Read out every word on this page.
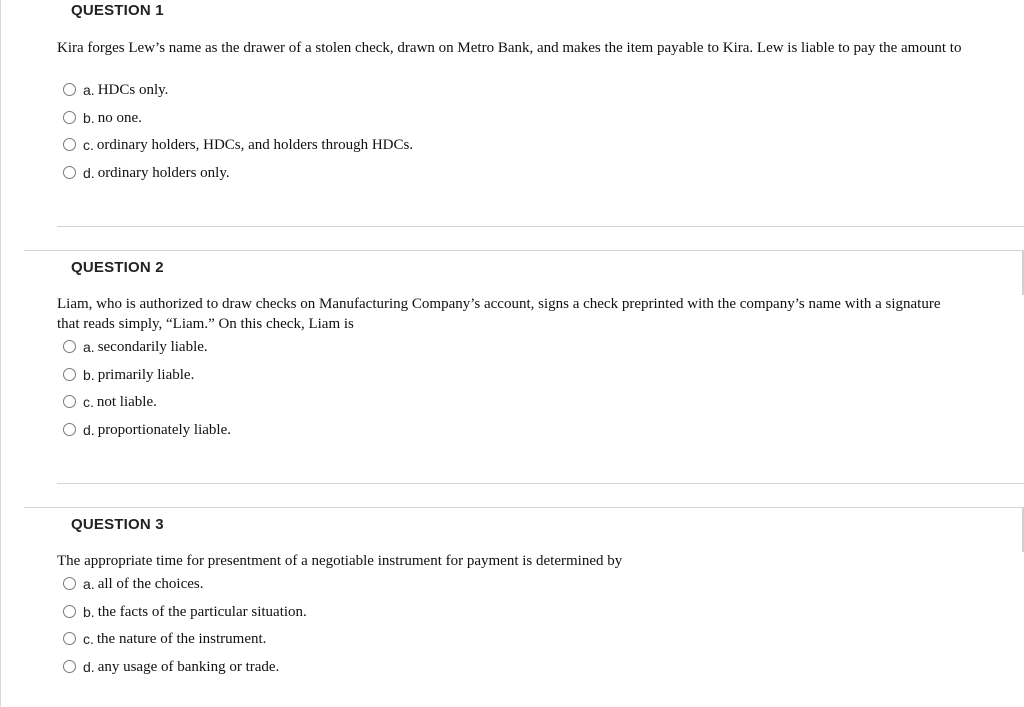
QUESTION 1
Kira forges Lew’s name as the drawer of a stolen check, drawn on Metro Bank, and makes the item payable to Kira. Lew is liable to pay the amount to
a. HDCs only.
b. no one.
c. ordinary holders, HDCs, and holders through HDCs.
d. ordinary holders only.
QUESTION 2
Liam, who is authorized to draw checks on Manufacturing Company’s account, signs a check preprinted with the company’s name with a signature that reads simply, “Liam.” On this check, Liam is
a. secondarily liable.
b. primarily liable.
c. not liable.
d. proportionately liable.
QUESTION 3
The appropriate time for presentment of a negotiable instrument for payment is determined by
a. all of the choices.
b. the facts of the particular situation.
c. the nature of the instrument.
d. any usage of banking or trade.
